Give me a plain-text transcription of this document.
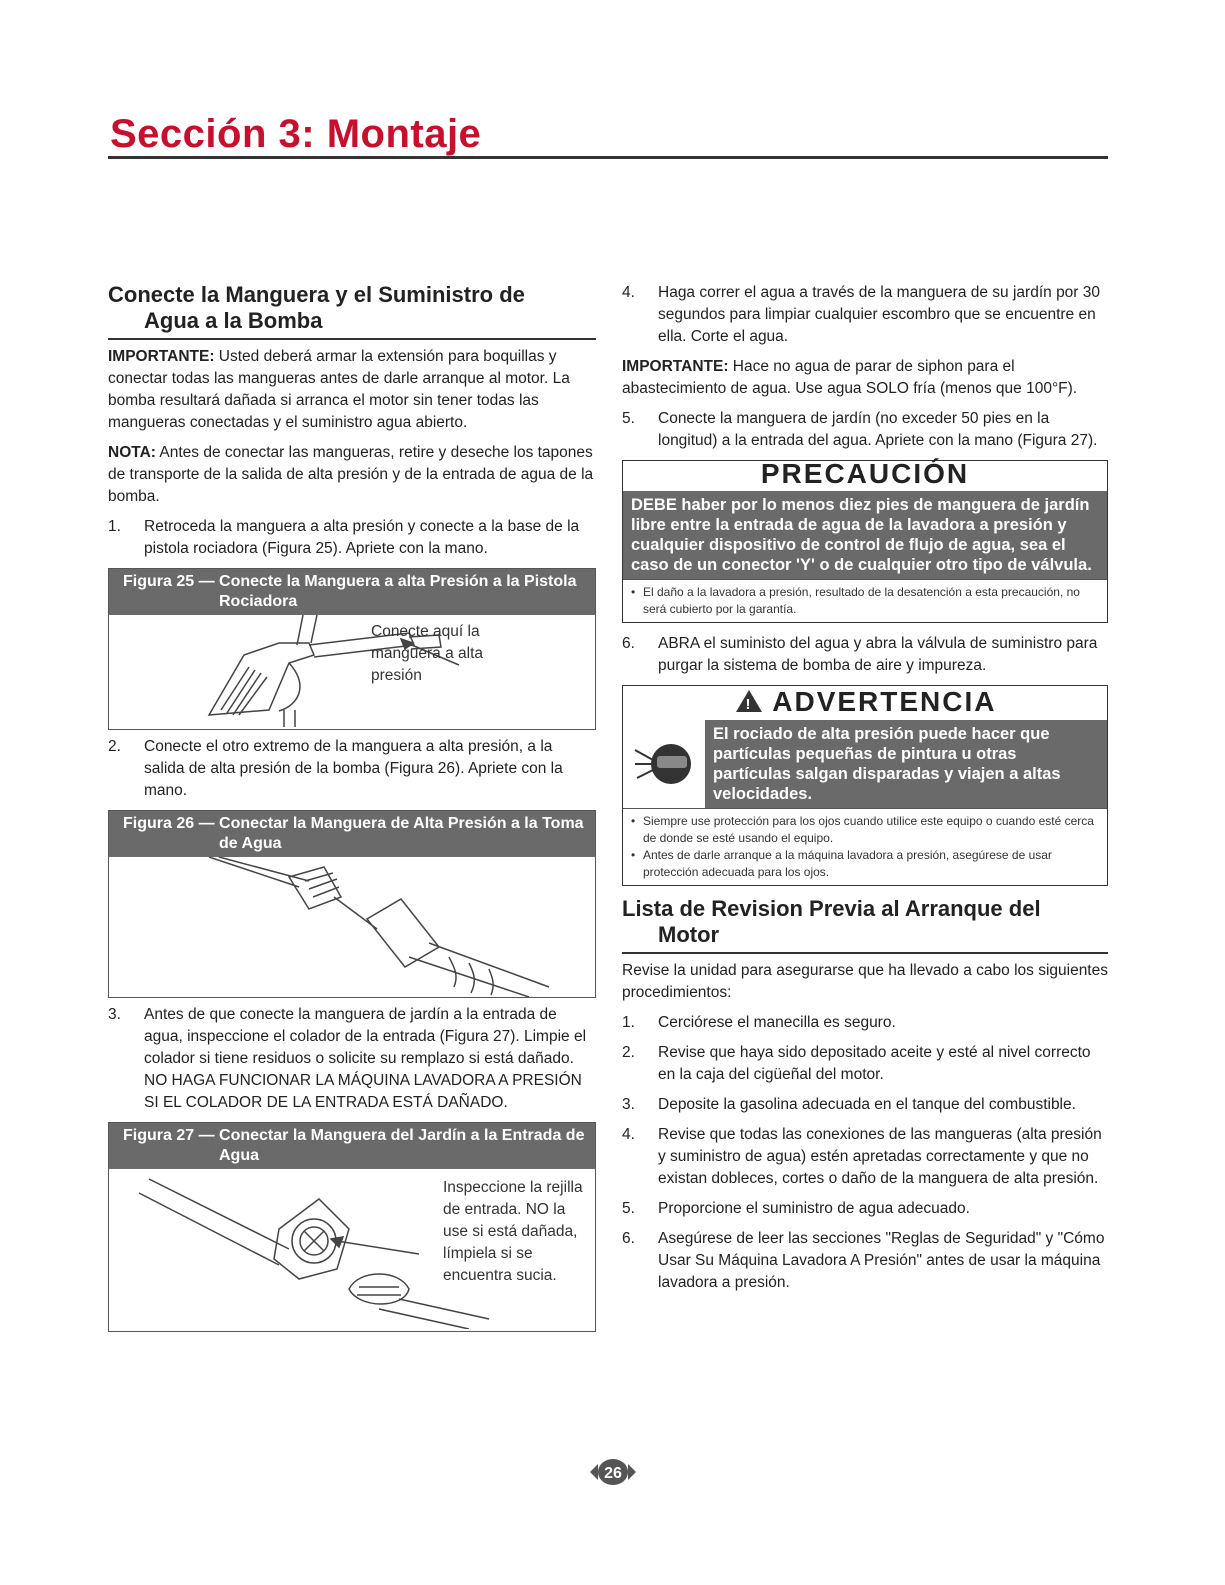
Sección 3: Montaje
Conecte la Manguera y el Suministro de
Agua a la Bomba

IMPORTANTE: Usted deberá armar la extensión para boquillas y conectar todas las mangueras antes de darle arranque al motor. La bomba resultará dañada si arranca el motor sin tener todas las mangueras conectadas y el suministro agua abierto.

NOTA: Antes de conectar las mangueras, retire y deseche los tapones de transporte de la salida de alta presión y de la entrada de agua de la bomba.

1. Retroceda la manguera a alta presión y conecte a la base de la pistola rociadora (Figura 25). Apriete con la mano.
Figura 25 — Conecte la Manguera a alta Presión a la Pistola
Rociadora
Conecte aquí la manguera a alta presión
2. Conecte el otro extremo de la manguera a alta presión, a la salida de alta presión de la bomba (Figura 26). Apriete con la mano.
Figura 26 — Conectar la Manguera de Alta Presión a la Toma
de Agua
3. Antes de que conecte la manguera de jardín a la entrada de agua, inspeccione el colador de la entrada (Figura 27). Limpie el colador si tiene residuos o solicite su remplazo si está dañado. NO HAGA FUNCIONAR LA MÁQUINA LAVADORA A PRESIÓN SI EL COLADOR DE LA ENTRADA ESTÁ DAÑADO.
Figura 27 — Conectar la Manguera del Jardín a la Entrada de
Agua
Inspeccione la rejilla de entrada. NO la use si está dañada, límpiela si se encuentra sucia.
4. Haga correr el agua a través de la manguera de su jardín por 30 segundos para limpiar cualquier escombro que se encuentre en ella. Corte el agua.

IMPORTANTE: Hace no agua de parar de siphon para el abastecimiento de agua. Use agua SOLO fría (menos que 100°F).

5. Conecte la manguera de jardín (no exceder 50 pies en la longitud) a la entrada del agua. Apriete con la mano (Figura 27).
PRECAUCIÓN
DEBE haber por lo menos diez pies de manguera de jardín libre entre la entrada de agua de la lavadora a presión y cualquier dispositivo de control de flujo de agua, sea el caso de un conector 'Y' o de cualquier otro tipo de válvula.
• El daño a la lavadora a presión, resultado de la desatención a esta precaución, no será cubierto por la garantía.
6. ABRA el suministo del agua y abra la válvula de suministro para purgar la sistema de bomba de aire y impureza.
! ADVERTENCIA
El rociado de alta presión puede hacer que partículas pequeñas de pintura u otras partículas salgan disparadas y viajen a altas velocidades.
• Siempre use protección para los ojos cuando utilice este equipo o cuando esté cerca de donde se esté usando el equipo.
• Antes de darle arranque a la máquina lavadora a presión, asegúrese de usar protección adecuada para los ojos.
Lista de Revision Previa al Arranque del
Motor

Revise la unidad para asegurarse que ha llevado a cabo los siguientes procedimientos:

1. Cerciórese el manecilla es seguro.
2. Revise que haya sido depositado aceite y esté al nivel correcto en la caja del cigüeñal del motor.
3. Deposite la gasolina adecuada en el tanque del combustible.
4. Revise que todas las conexiones de las mangueras (alta presión y suministro de agua) estén apretadas correctamente y que no existan dobleces, cortes o daño de la manguera de alta presión.
5. Proporcione el suministro de agua adecuado.
6. Asegúrese de leer las secciones "Reglas de Seguridad" y "Cómo Usar Su Máquina Lavadora A Presión" antes de usar la máquina lavadora a presión.
26
